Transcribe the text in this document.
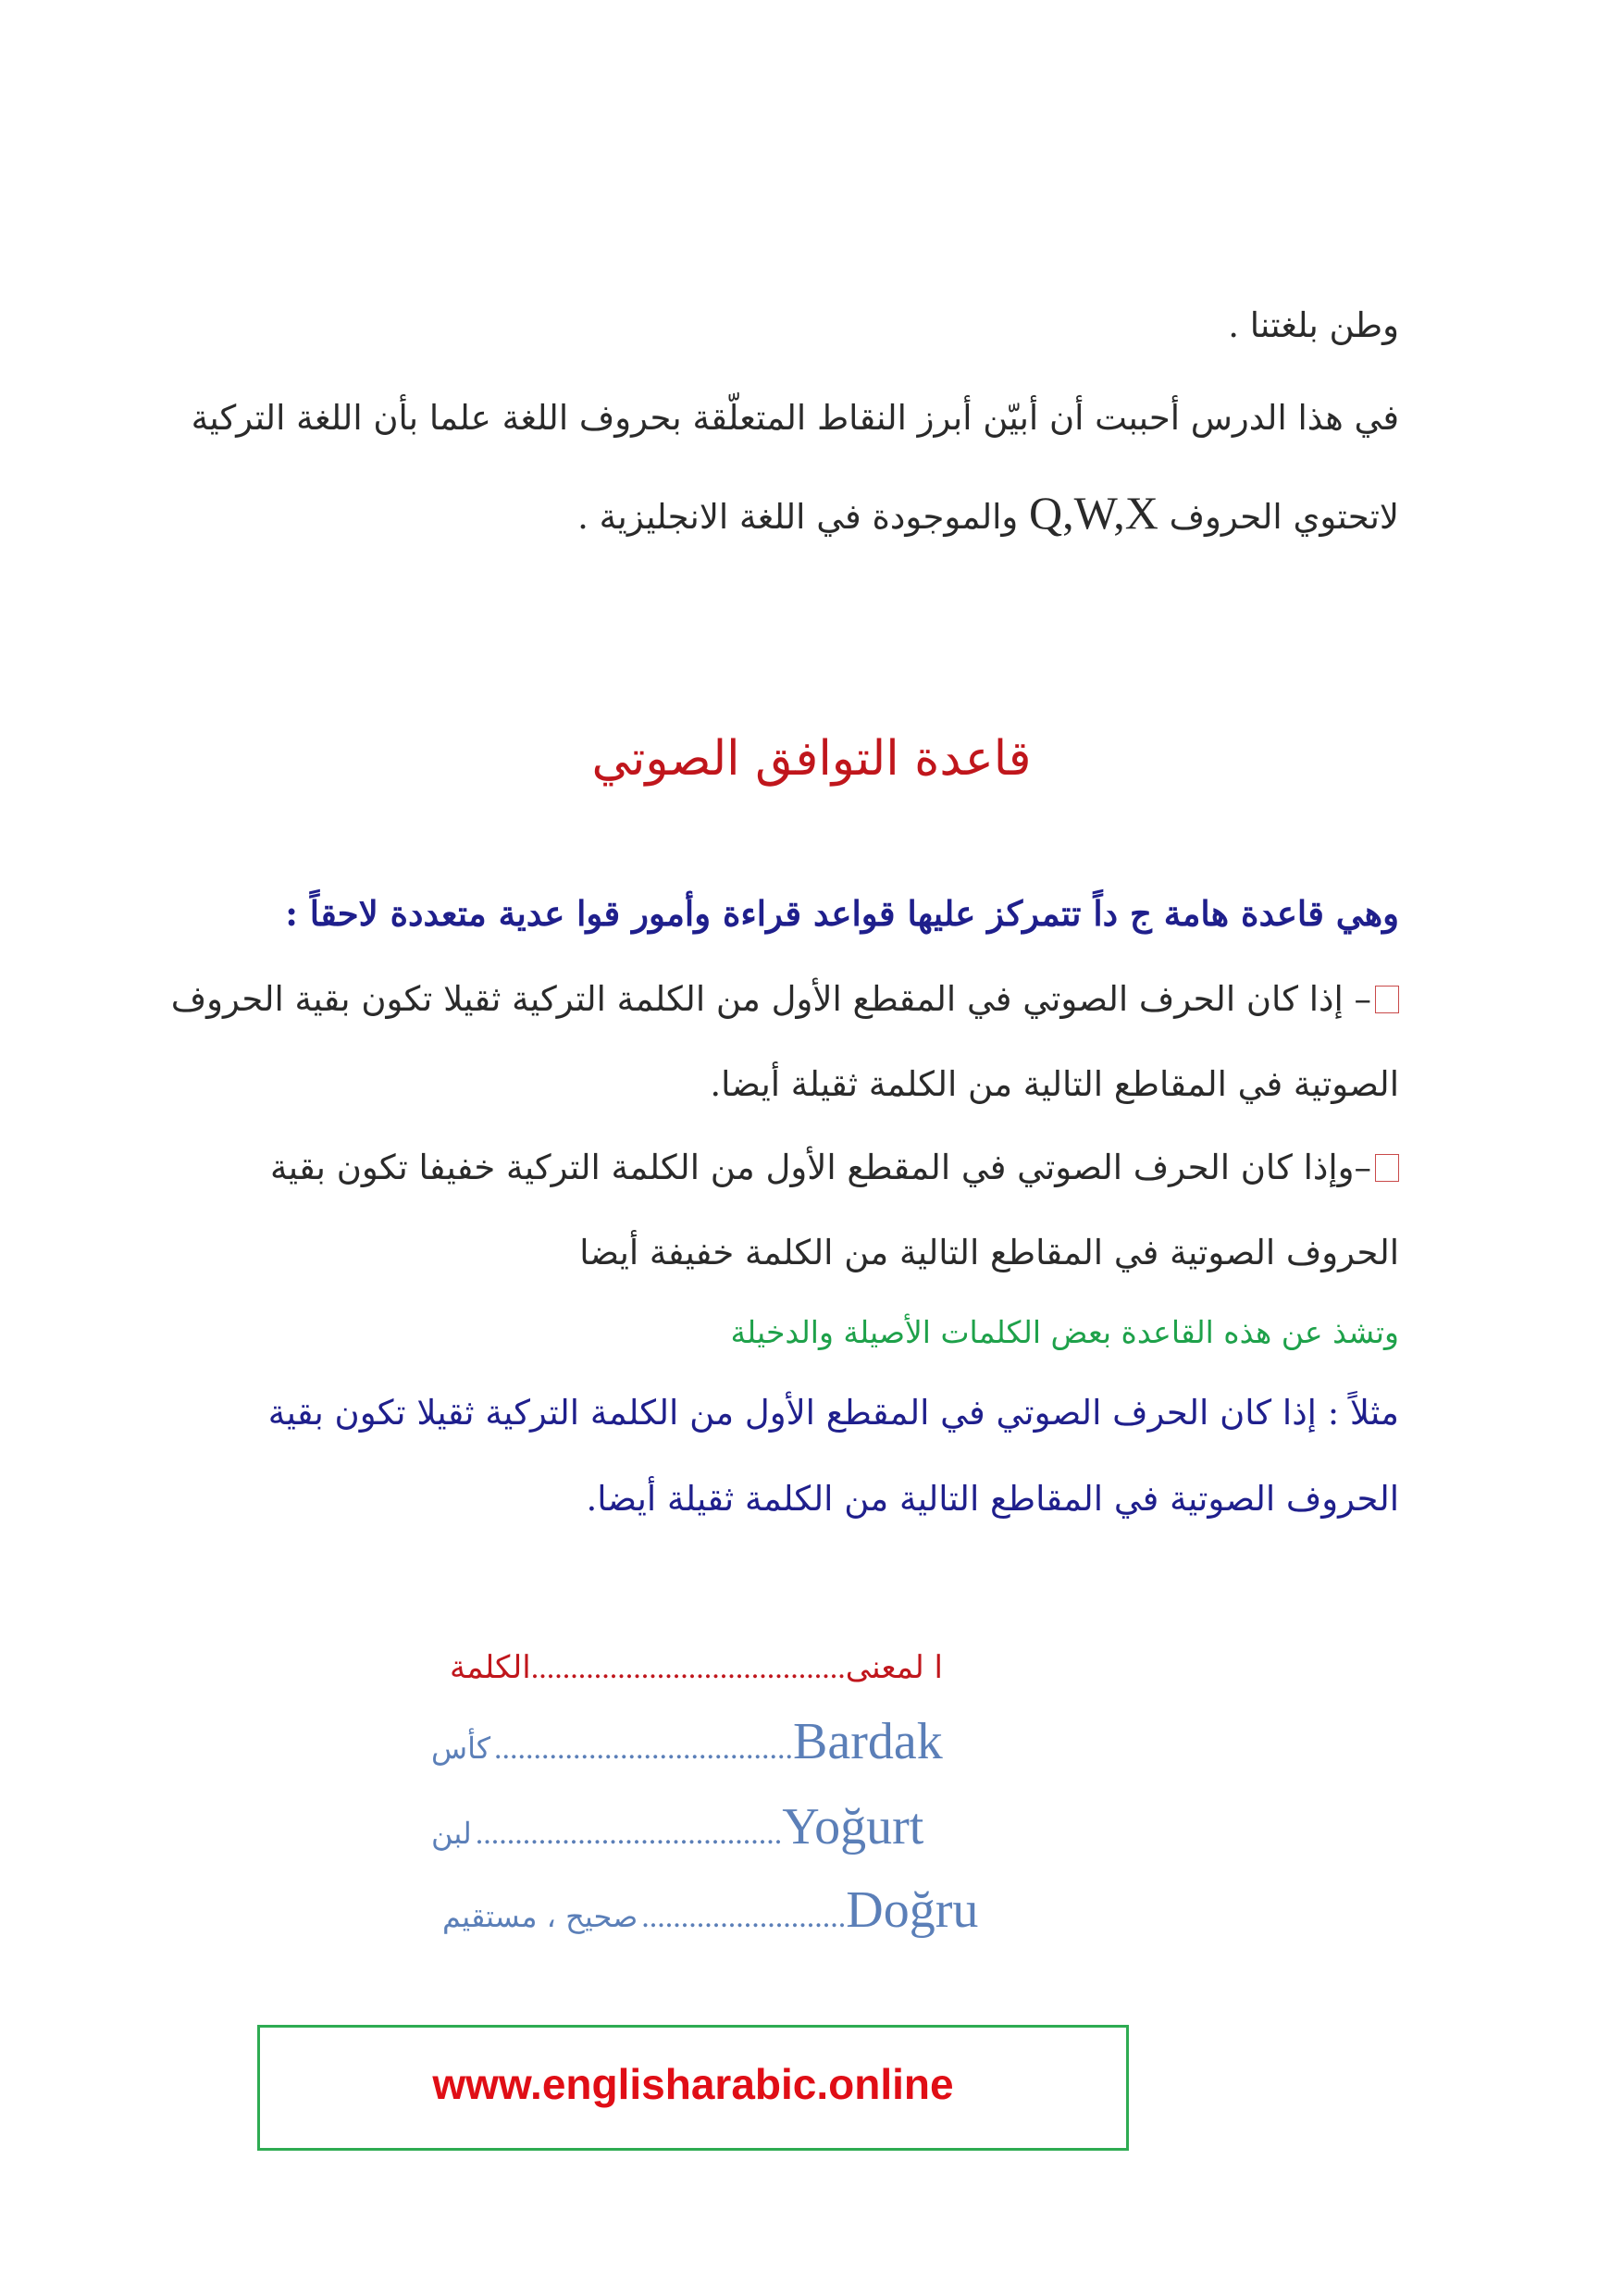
وطن بلغتنا .
في هذا الدرس أحببت أن أبيّن أبرز النقاط المتعلّقة بحروف اللغة علما بأن اللغة التركية
لاتحتوي الحروف Q,W,X والموجودة في اللغة الانجليزية .
قاعدة التوافق الصوتي
وهي قاعدة هامة ج داً تتمركز عليها قواعد قراءة وأمور قوا عدية متعددة لاحقاً :
– إذا كان الحرف الصوتي في المقطع الأول من الكلمة التركية ثقيلا تكون بقية الحروف
الصوتية في المقاطع التالية من الكلمة ثقيلة أيضا.
–وإذا كان الحرف الصوتي في المقطع الأول من الكلمة التركية خفيفا تكون بقية
الحروف الصوتية في المقاطع التالية من الكلمة خفيفة أيضا
وتشذ عن هذه القاعدة بعض الكلمات الأصيلة والدخيلة
مثلاً : إذا كان الحرف الصوتي في المقطع الأول من الكلمة التركية ثقيلا تكون بقية
الحروف الصوتية في المقاطع التالية من الكلمة ثقيلة أيضا.
ا لمعنى........................................الكلمة
كأس ......................................Bardak
لبن .......................................Yoğurt
صحيح ، مستقيم ..........................Doğru
www.englisharabic.online
